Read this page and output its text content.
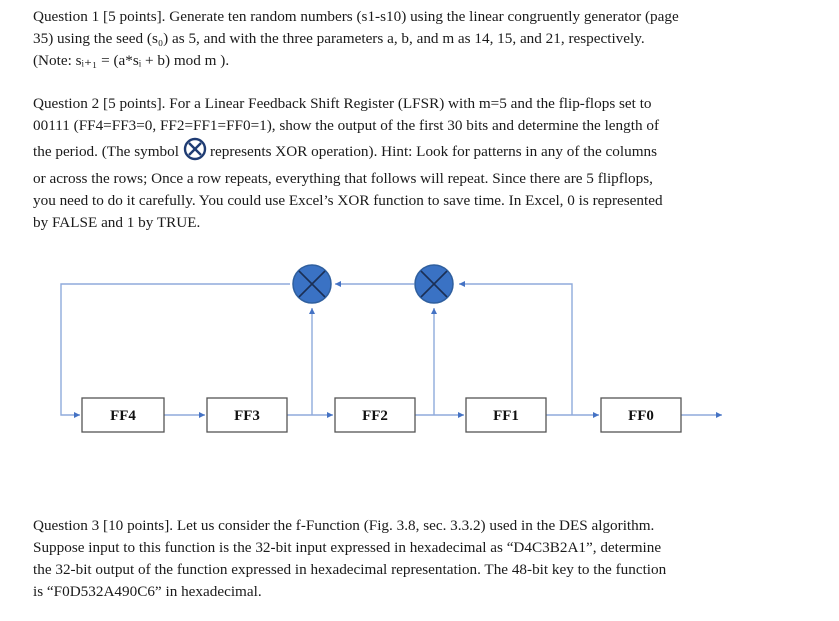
Question 1 [5 points]. Generate ten random numbers (s1-s10) using the linear congruently generator (page
35) using the seed (s₀) as 5, and with the three parameters a, b, and m as 14, 15, and 21, respectively.
(Note: sᵢ₊₁ = (a*sᵢ + b) mod m ).
Question 2 [5 points]. For a Linear Feedback Shift Register (LFSR) with m=5 and the flip-flops set to
00111 (FF4=FF3=0, FF2=FF1=FF0=1), show the output of the first 30 bits and determine the length of
the period. (The symbol represents XOR operation). Hint: Look for patterns in any of the columns
or across the rows; Once a row repeats, everything that follows will repeat. Since there are 5 flipflops,
you need to do it carefully. You could use Excel’s XOR function to save time. In Excel, 0 is represented
by FALSE and 1 by TRUE.
FF4	FF3	FF2	FF1	FF0
Question 3 [10 points]. Let us consider the f-Function (Fig. 3.8, sec. 3.3.2) used in the DES algorithm.
Suppose input to this function is the 32-bit input expressed in hexadecimal as “D4C3B2A1”, determine
the 32-bit output of the function expressed in hexadecimal representation. The 48-bit key to the function
is “F0D532A490C6” in hexadecimal.
